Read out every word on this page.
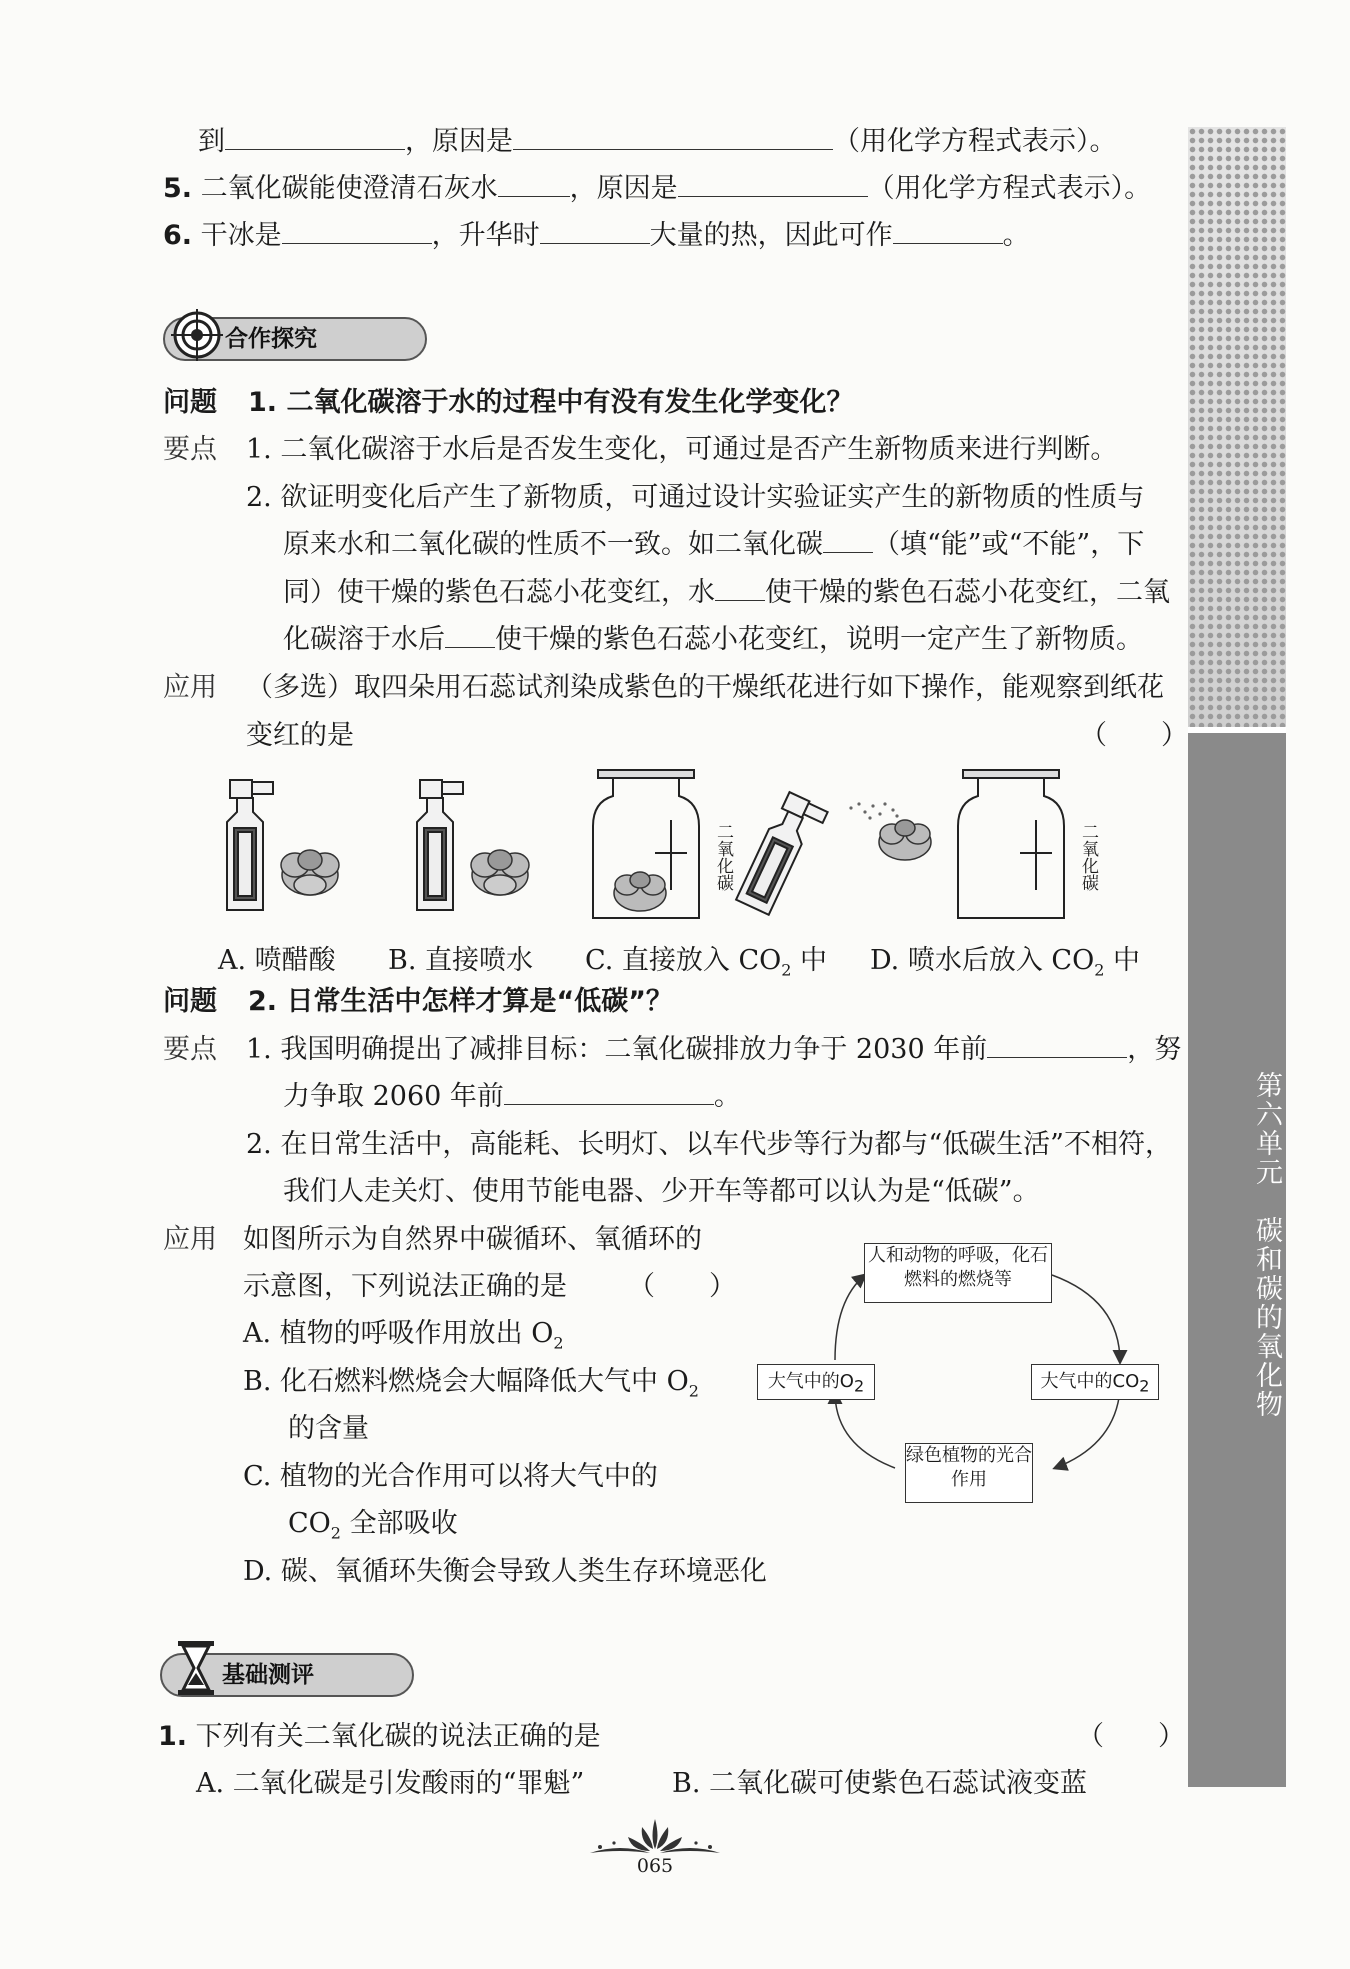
第六单元　碳和碳的氧化物
到	，原因是	（用化学方程式表示）。
5. 二氧化碳能使澄清石灰水	，原因是	（用化学方程式表示）。
6. 干冰是	，升华时	大量的热，因此可作	。
合作探究
问题 1. 二氧化碳溶于水的过程中有没有发生化学变化？
要点 1. 二氧化碳溶于水后是否发生变化，可通过是否产生新物质来进行判断。
2. 欲证明变化后产生了新物质，可通过设计实验证实产生的新物质的性质与
原来水和二氧化碳的性质不一致。如二氧化碳 （填“能”或“不能”，下
同）使干燥的紫色石蕊小花变红，水 使干燥的紫色石蕊小花变红，二氧
化碳溶于水后 使干燥的紫色石蕊小花变红，说明一定产生了新物质。
应用 （多选）取四朵用石蕊试剂染成紫色的干燥纸花进行如下操作，能观察到纸花
变红的是	（　　）
二氧化碳	二氧化碳
A. 喷醋酸 B. 直接喷水 C. 直接放入 $CO_2$ 中 D. 喷水后放入 $CO_2$ 中
问题 2. 日常生活中怎样才算是“低碳”？
要点 1. 我国明确提出了减排目标：二氧化碳排放力争于 2030 年前	，努
力争取 2060 年前	。
2. 在日常生活中，高能耗、长明灯、以车代步等行为都与“低碳生活”不相符，
我们人走关灯、使用节能电器、少开车等都可以认为是“低碳”。
应用 如图所示为自然界中碳循环、氧循环的
示意图，下列说法正确的是 （　　）
A. 植物的呼吸作用放出 $O_2$
B. 化石燃料燃烧会大幅降低大气中 $O_2$
的含量
C. 植物的光合作用可以将大气中的
$CO_2$ 全部吸收
D. 碳、氧循环失衡会导致人类生存环境恶化
人和动物的呼吸，化石燃料的燃烧等
大气中的$O_2$	大气中的$CO_2$
绿色植物的光合作用
基础测评
1. 下列有关二氧化碳的说法正确的是	（　　）
A. 二氧化碳是引发酸雨的“罪魁”	B. 二氧化碳可使紫色石蕊试液变蓝
065
